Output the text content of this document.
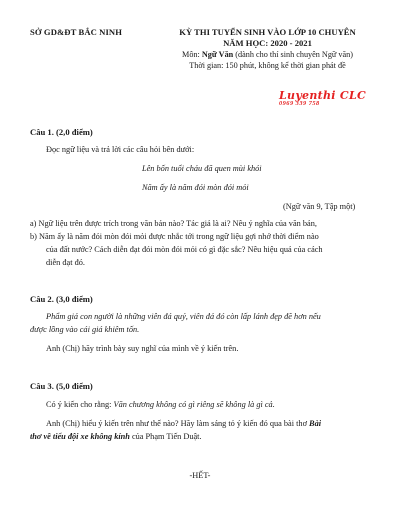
SỞ GD&ĐT BẮC NINH	KỲ THI TUYỂN SINH VÀO LỚP 10 CHUYÊN
NĂM HỌC: 2020 - 2021
Môn: Ngữ Văn (dành cho thí sinh chuyên Ngữ văn)
Thời gian: 150 phút, không kể thời gian phát đề
Luyenthi CLC
0969 339 758
Câu 1. (2,0 điểm)
Đọc ngữ liệu và trả lời các câu hỏi bên dưới:
Lên bốn tuổi cháu đã quen mùi khói
Năm ấy là năm đói mòn đói mỏi
(Ngữ văn 9, Tập một)
a) Ngữ liệu trên được trích trong văn bản nào? Tác giả là ai? Nêu ý nghĩa của văn bản,
b) Năm ấy là năm đói mòn đói mỏi được nhắc tới trong ngữ liệu gợi nhớ thời điểm nào
của đất nước? Cách diễn đạt đói mòn đói mỏi có gì đặc sắc? Nêu hiệu quả của cách
diễn đạt đó.
Câu 2. (3,0 điểm)
Phẩm giá con người là những viên đá quý, viên đá đó còn lấp lánh đẹp đẽ hơn nếu
được lồng vào cái giá khiêm tốn.
Anh (Chị) hãy trình bày suy nghĩ của mình về ý kiến trên.
Câu 3. (5,0 điểm)
Có ý kiến cho rằng: Văn chương không có gì riêng sẽ không là gì cả.
Anh (Chị) hiểu ý kiến trên như thế nào? Hãy làm sáng tỏ ý kiến đó qua bài thơ Bài
thơ về tiểu đội xe không kính của Phạm Tiến Duật.
-HẾT-
